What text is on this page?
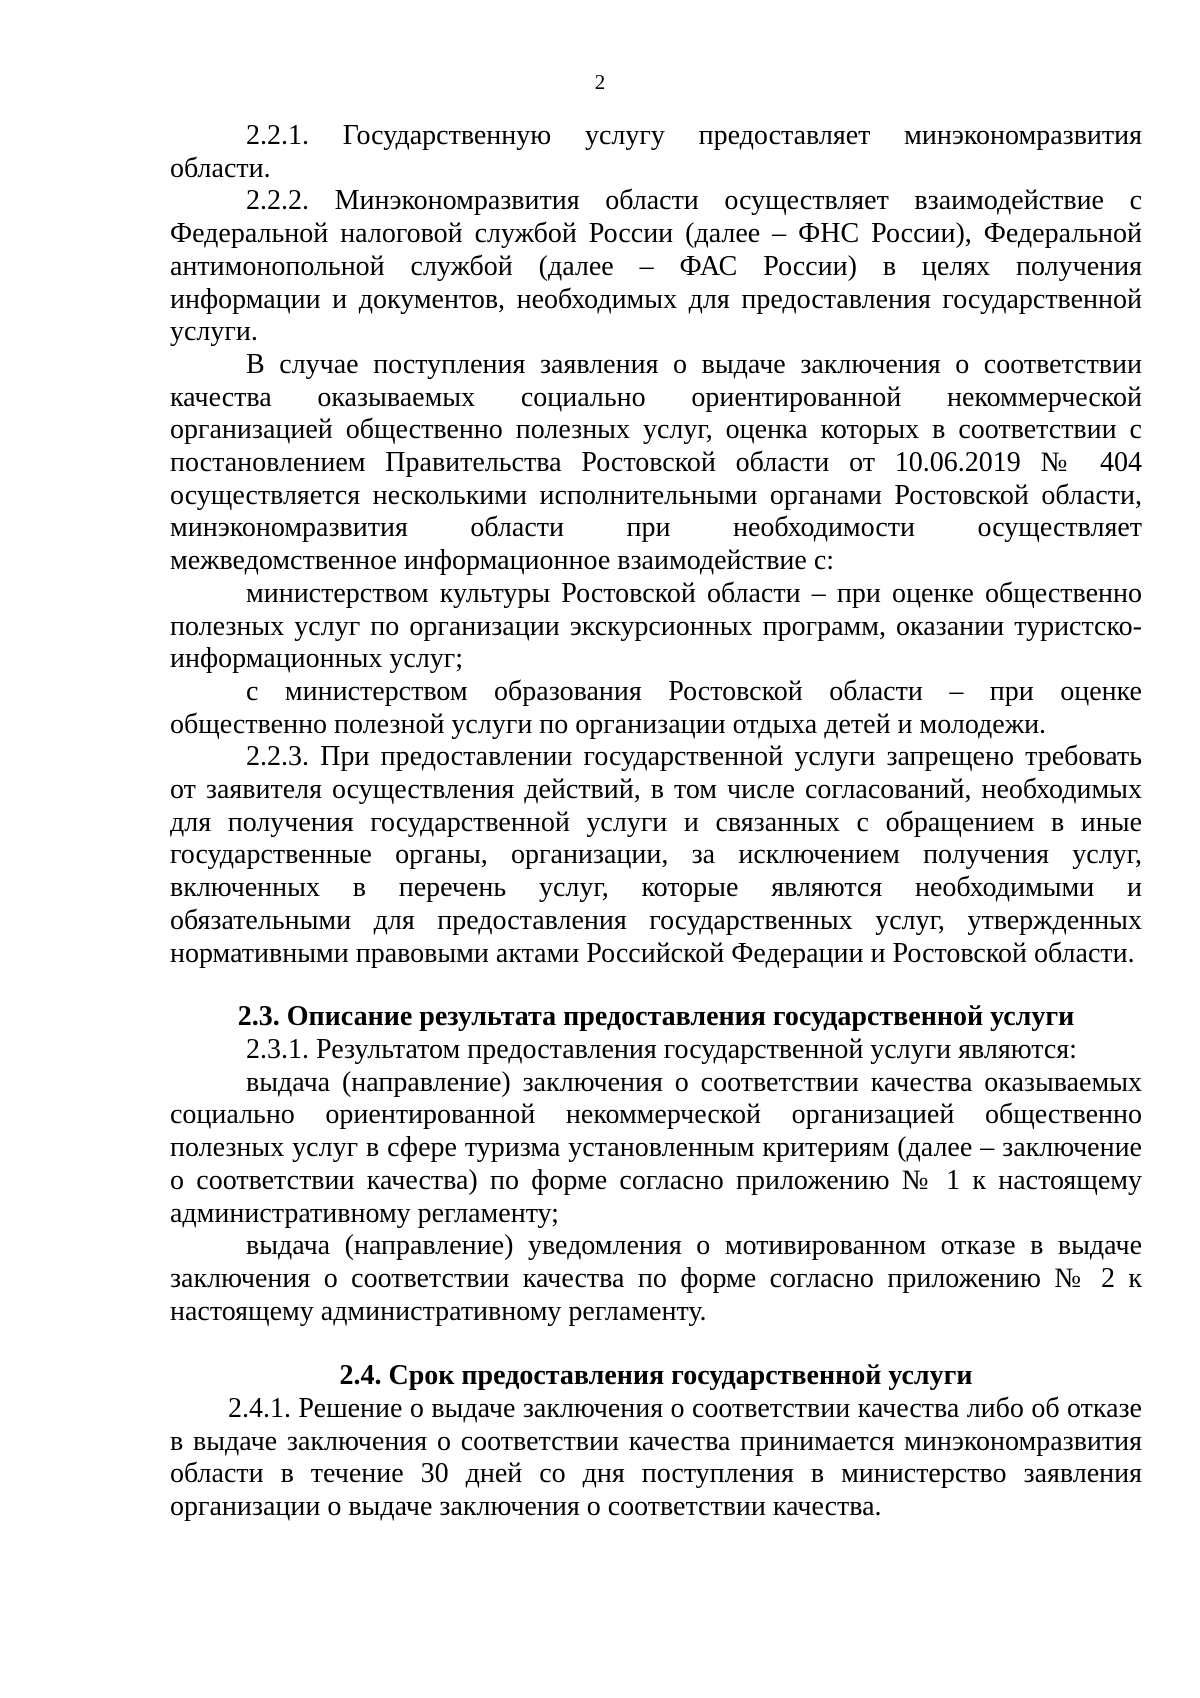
2

2.2.1. Государственную услугу предоставляет минэкономразвития области.

2.2.2. Минэкономразвития области осуществляет взаимодействие с Федеральной налоговой службой России (далее – ФНС России), Федеральной антимонопольной службой (далее – ФАС России) в целях получения информации и документов, необходимых для предоставления государственной услуги.

В случае поступления заявления о выдаче заключения о соответствии качества оказываемых социально ориентированной некоммерческой организацией общественно полезных услуг, оценка которых в соответствии с постановлением Правительства Ростовской области от 10.06.2019 № 404 осуществляется несколькими исполнительными органами Ростовской области, минэкономразвития области при необходимости осуществляет межведомственное информационное взаимодействие с:

министерством культуры Ростовской области – при оценке общественно полезных услуг по организации экскурсионных программ, оказании туристско-информационных услуг;

с министерством образования Ростовской области – при оценке общественно полезной услуги по организации отдыха детей и молодежи.

2.2.3. При предоставлении государственной услуги запрещено требовать от заявителя осуществления действий, в том числе согласований, необходимых для получения государственной услуги и связанных с обращением в иные государственные органы, организации, за исключением получения услуг, включенных в перечень услуг, которые являются необходимыми и обязательными для предоставления государственных услуг, утвержденных нормативными правовыми актами Российской Федерации и Ростовской области.

2.3. Описание результата предоставления государственной услуги

2.3.1. Результатом предоставления государственной услуги являются:

выдача (направление) заключения о соответствии качества оказываемых социально ориентированной некоммерческой организацией общественно полезных услуг в сфере туризма установленным критериям (далее – заключение о соответствии качества) по форме согласно приложению № 1 к настоящему административному регламенту;

выдача (направление) уведомления о мотивированном отказе в выдаче заключения о соответствии качества по форме согласно приложению № 2 к настоящему административному регламенту.

2.4. Срок предоставления государственной услуги

2.4.1. Решение о выдаче заключения о соответствии качества либо об отказе в выдаче заключения о соответствии качества принимается минэкономразвития области в течение 30 дней со дня поступления в министерство заявления организации о выдаче заключения о соответствии качества.
